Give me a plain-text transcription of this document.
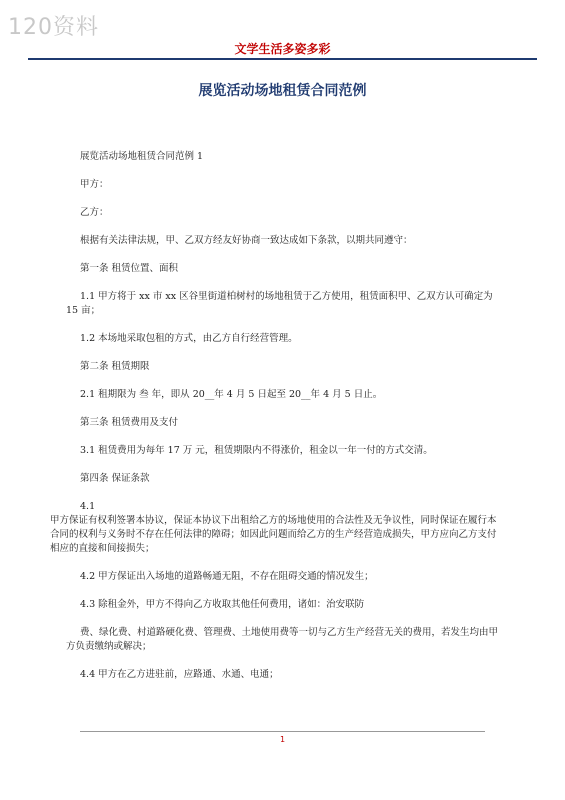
120资料
文学生活多姿多彩
展览活动场地租赁合同范例

展览活动场地租赁合同范例 1

甲方：

乙方：

根据有关法律法规，甲、乙双方经友好协商一致达成如下条款，以期共同遵守：

第一条 租赁位置、面积

1.1 甲方将于 xx 市 xx 区谷里街道柏树村的场地租赁于乙方使用，租赁面积甲、乙双方认可确定为 15 亩；

1.2 本场地采取包租的方式，由乙方自行经营管理。

第二条 租赁期限

2.1 租期限为 叁 年，即从 20__年 4 月 5 日起至 20__年 4 月 5 日止。

第三条 租赁费用及支付

3.1 租赁费用为每年 17 万 元，租赁期限内不得涨价，租金以一年一付的方式交清。

第四条 保证条款

4.1

甲方保证有权利签署本协议，保证本协议下出租给乙方的场地使用的合法性及无争议性，同时保证在履行本合同的权利与义务时不存在任何法律的障碍；如因此问题而给乙方的生产经营造成损失，甲方应向乙方支付相应的直接和间接损失；

4.2 甲方保证出入场地的道路畅通无阻，不存在阻碍交通的情况发生；

4.3 除租金外，甲方不得向乙方收取其他任何费用，诸如：治安联防

费、绿化费、村道路硬化费、管理费、土地使用费等一切与乙方生产经营无关的费用，若发生均由甲方负责缴纳或解决；

4.4 甲方在乙方进驻前，应路通、水通、电通；

1
